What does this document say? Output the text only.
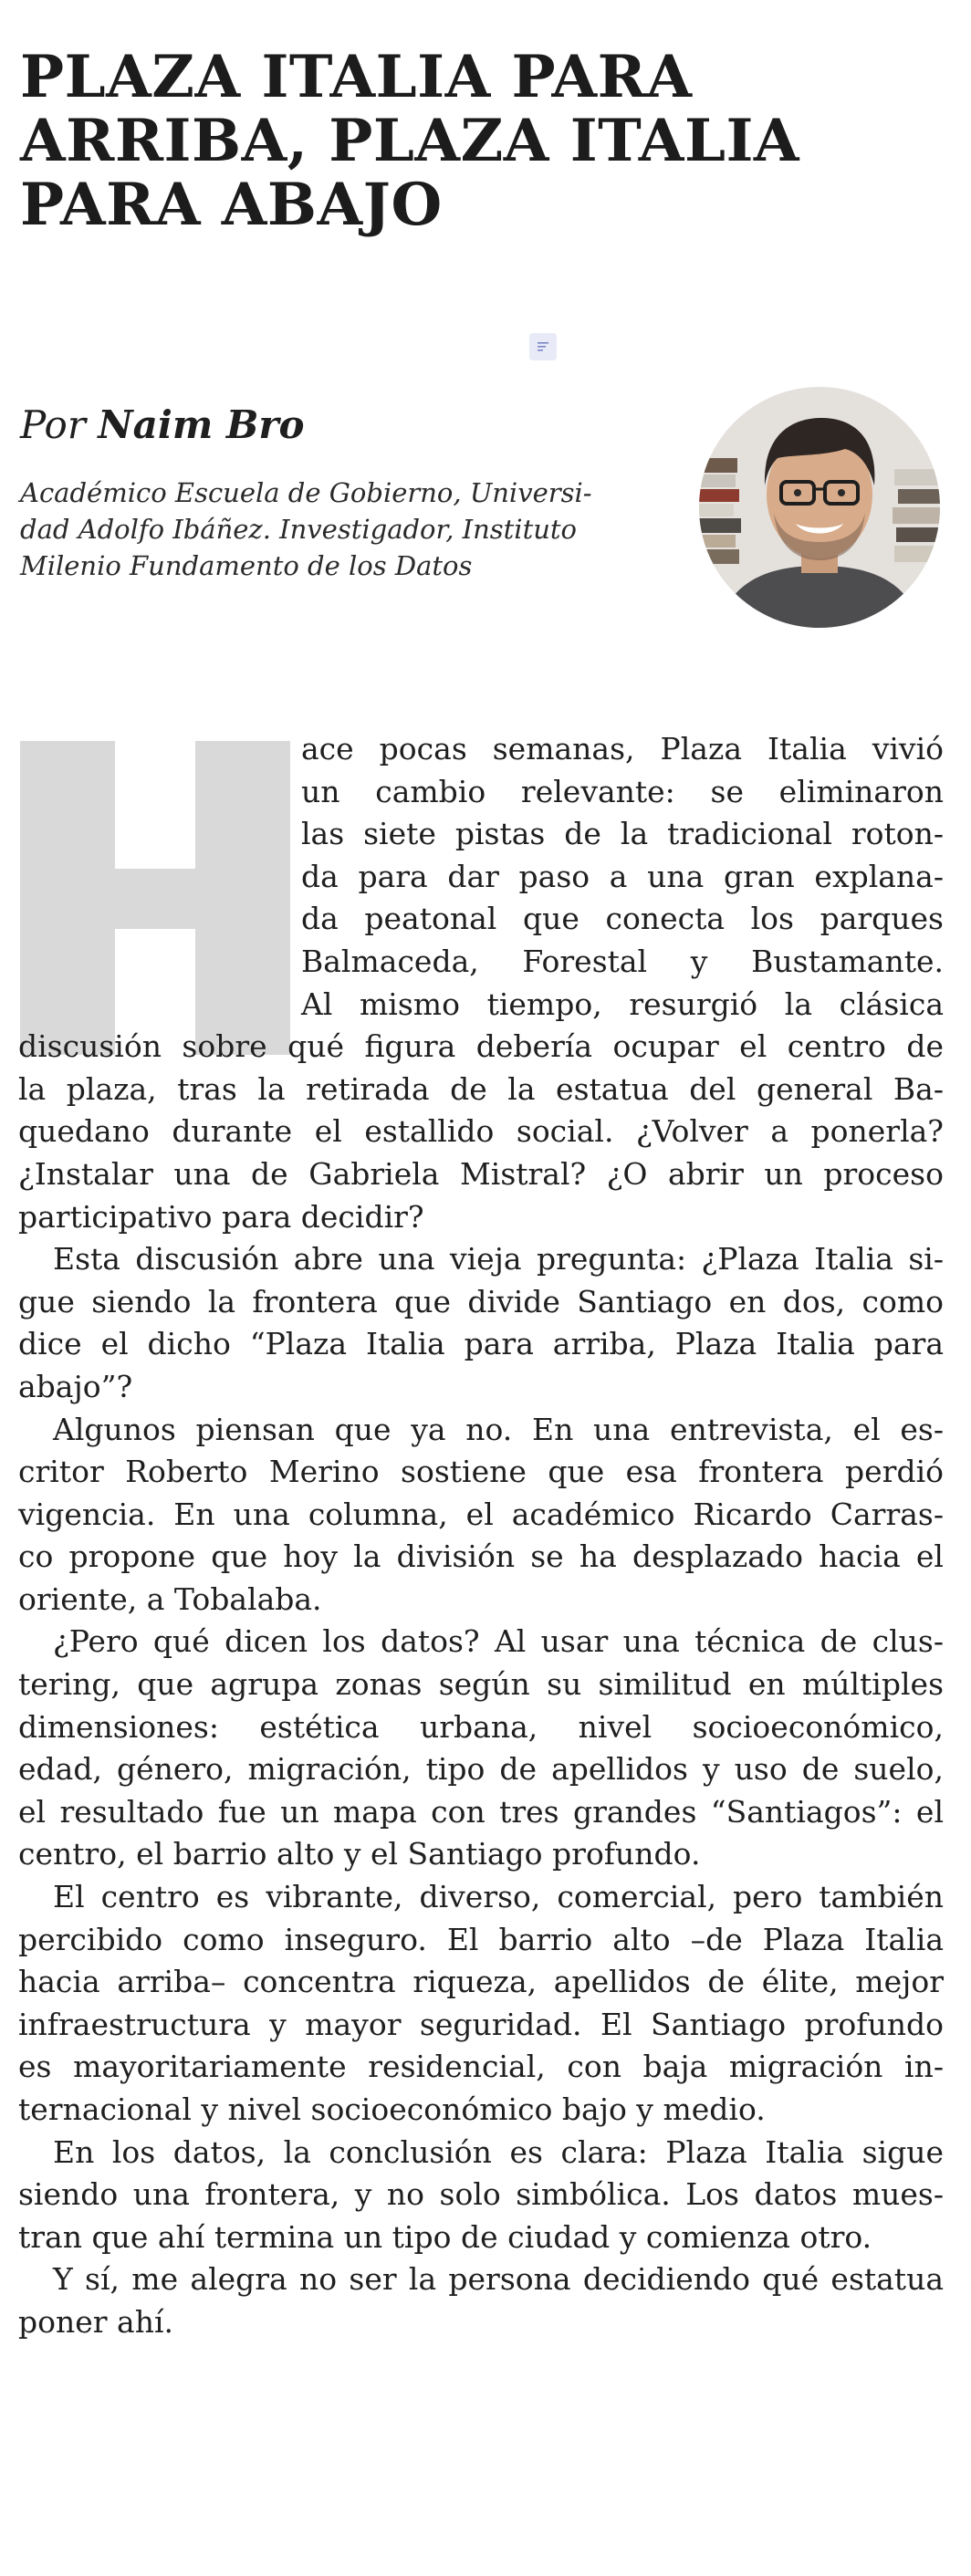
PLAZA ITALIA PARA
ARRIBA, PLAZA ITALIA
PARA ABAJO

Por Naim Bro

Académico Escuela de Gobierno, Universi-
dad Adolfo Ibáñez. Investigador, Instituto
Milenio Fundamento de los Datos

ace pocas semanas, Plaza Italia vivió
un cambio relevante: se eliminaron
las siete pistas de la tradicional roton-
da para dar paso a una gran explana-
da peatonal que conecta los parques
Balmaceda, Forestal y Bustamante.
Al mismo tiempo, resurgió la clásica
discusión sobre qué figura debería ocupar el centro de
la plaza, tras la retirada de la estatua del general Ba-
quedano durante el estallido social. ¿Volver a ponerla?
¿Instalar una de Gabriela Mistral? ¿O abrir un proceso
participativo para decidir?
Esta discusión abre una vieja pregunta: ¿Plaza Italia si-
gue siendo la frontera que divide Santiago en dos, como
dice el dicho “Plaza Italia para arriba, Plaza Italia para
abajo”?
Algunos piensan que ya no. En una entrevista, el es-
critor Roberto Merino sostiene que esa frontera perdió
vigencia. En una columna, el académico Ricardo Carras-
co propone que hoy la división se ha desplazado hacia el
oriente, a Tobalaba.
¿Pero qué dicen los datos? Al usar una técnica de clus-
tering, que agrupa zonas según su similitud en múltiples
dimensiones: estética urbana, nivel socioeconómico,
edad, género, migración, tipo de apellidos y uso de suelo,
el resultado fue un mapa con tres grandes “Santiagos”: el
centro, el barrio alto y el Santiago profundo.
El centro es vibrante, diverso, comercial, pero también
percibido como inseguro. El barrio alto –de Plaza Italia
hacia arriba– concentra riqueza, apellidos de élite, mejor
infraestructura y mayor seguridad. El Santiago profundo
es mayoritariamente residencial, con baja migración in-
ternacional y nivel socioeconómico bajo y medio.
En los datos, la conclusión es clara: Plaza Italia sigue
siendo una frontera, y no solo simbólica. Los datos mues-
tran que ahí termina un tipo de ciudad y comienza otro.
Y sí, me alegra no ser la persona decidiendo qué estatua
poner ahí.
